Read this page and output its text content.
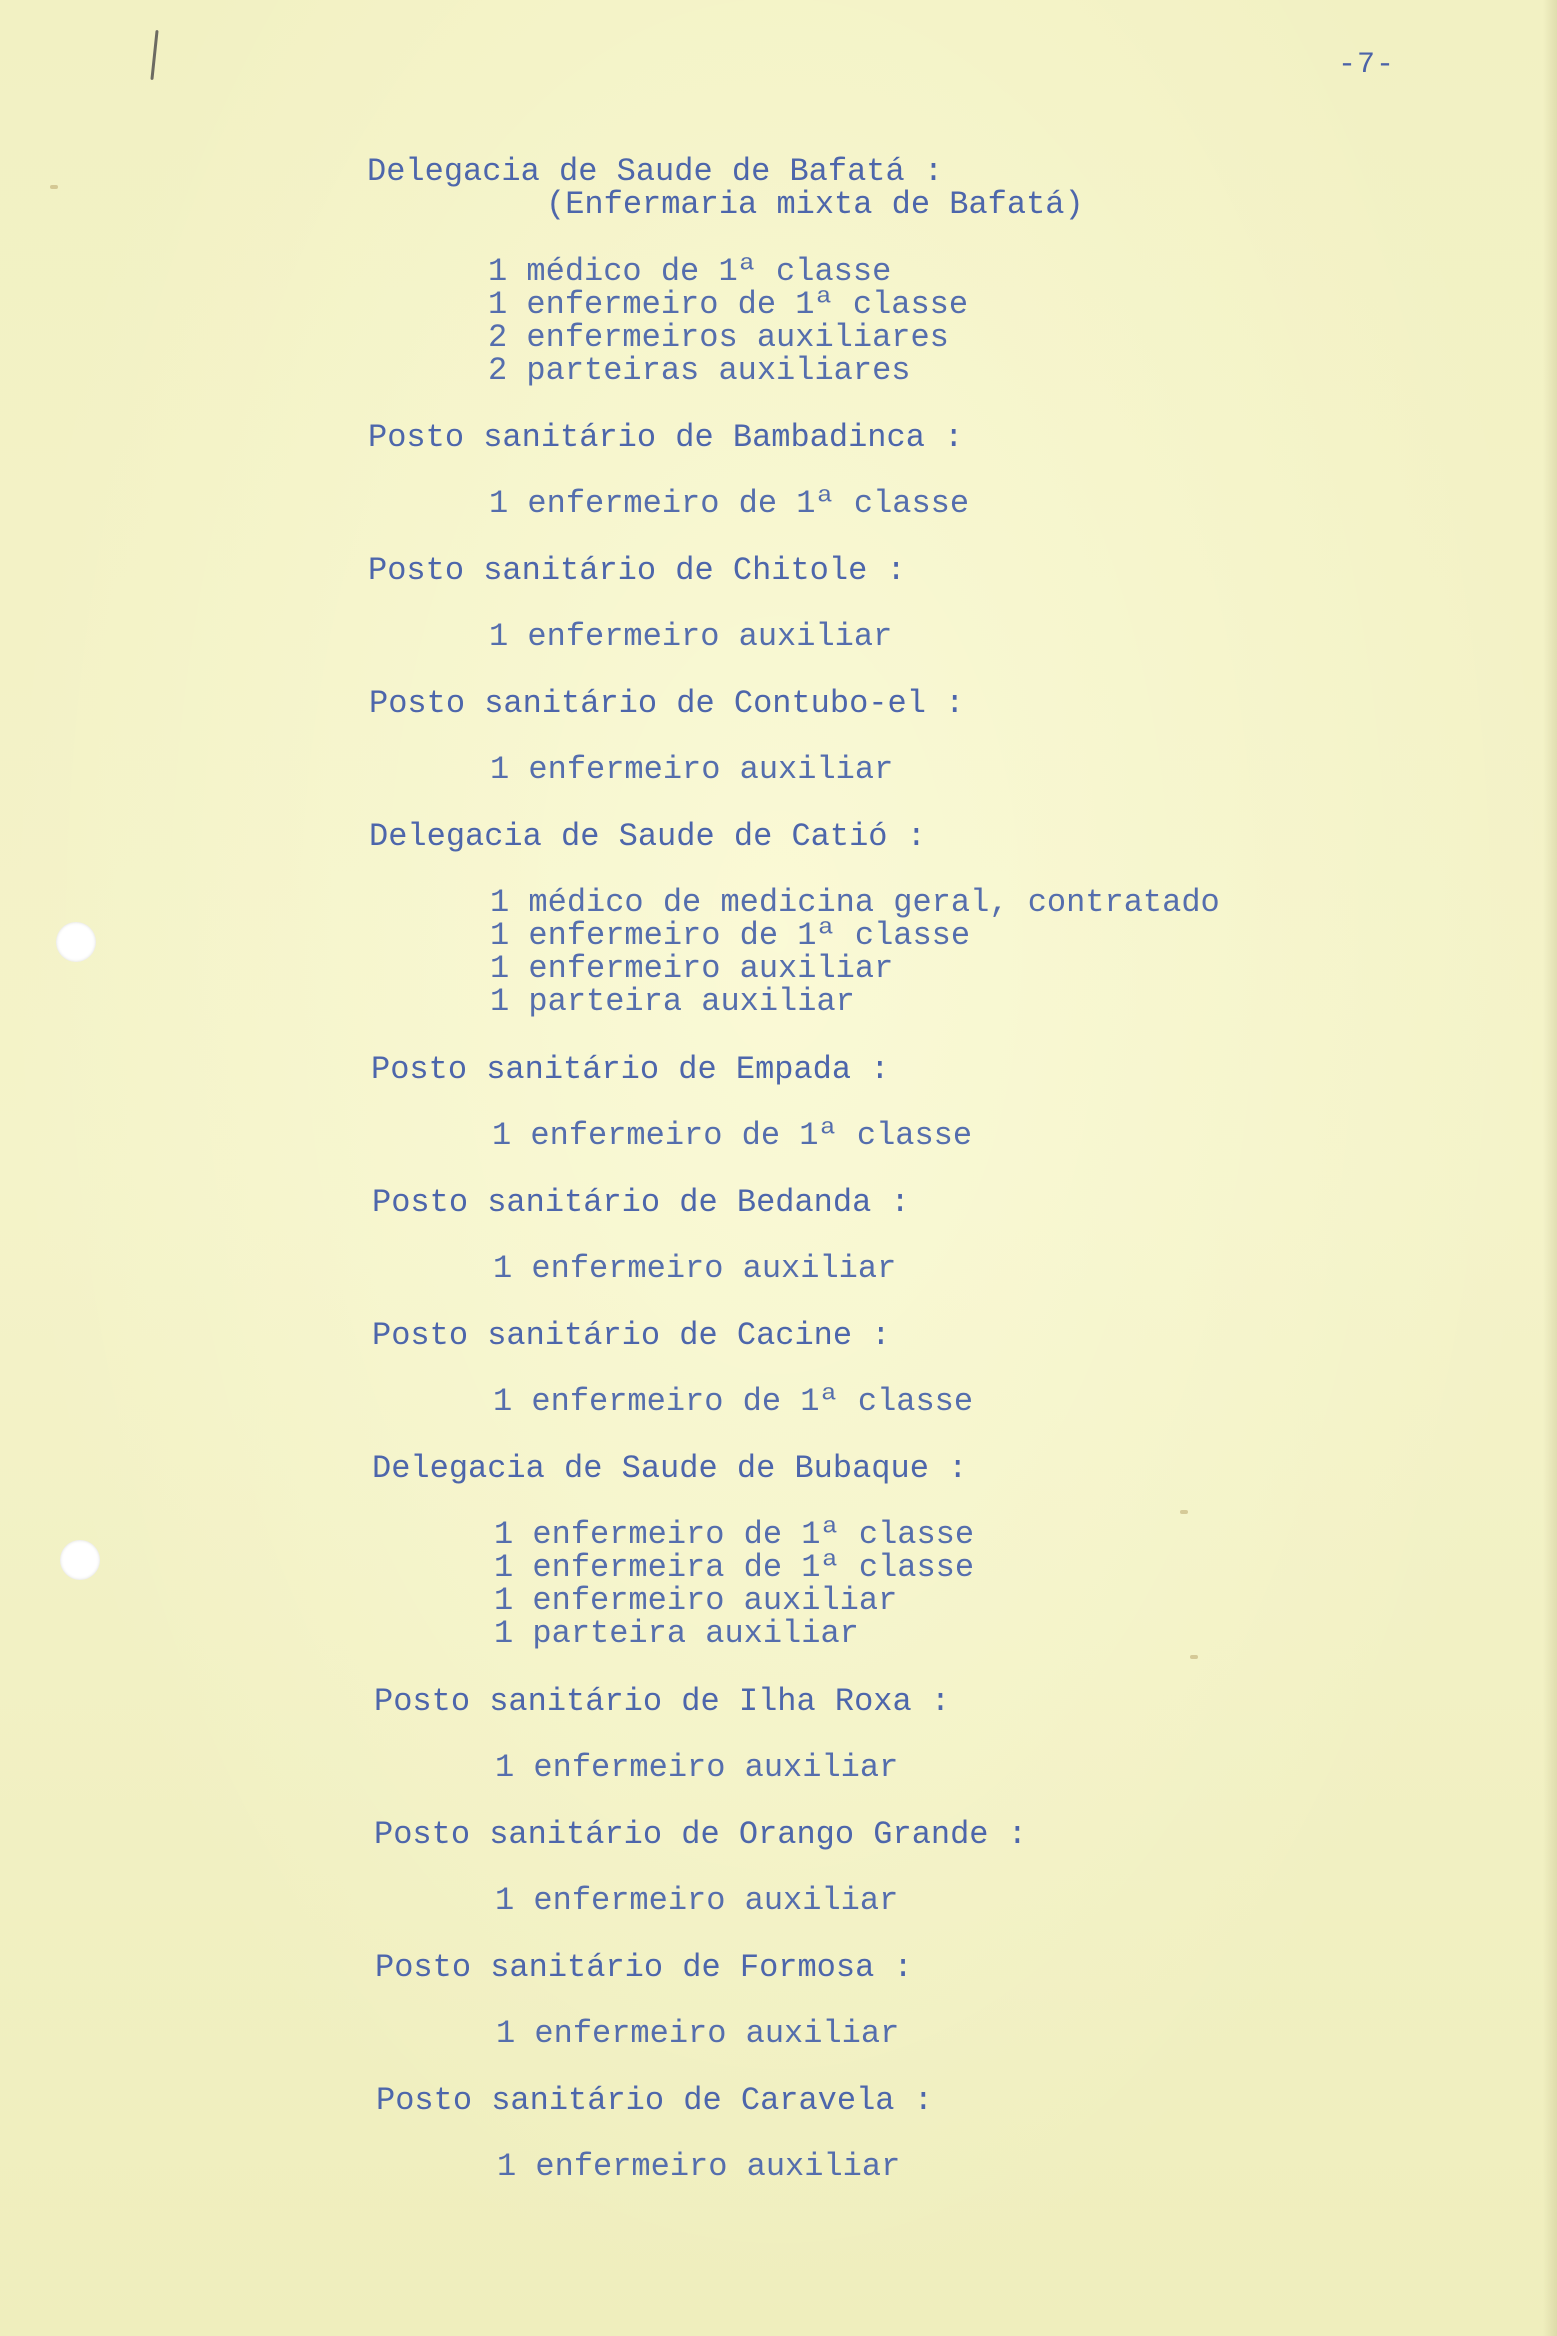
-7-
Delegacia de Saude de Bafatá :
(Enfermaria mixta de Bafatá)
1 médico de 1ª classe
1 enfermeiro de 1ª classe
2 enfermeiros auxiliares
2 parteiras auxiliares
Posto sanitário de Bambadinca :
1 enfermeiro de 1ª classe
Posto sanitário de Chitole :
1 enfermeiro auxiliar
Posto sanitário de Contubo-el :
1 enfermeiro auxiliar
Delegacia de Saude de Catió :
1 médico de medicina geral, contratado
1 enfermeiro de 1ª classe
1 enfermeiro auxiliar
1 parteira auxiliar
Posto sanitário de Empada :
1 enfermeiro de 1ª classe
Posto sanitário de Bedanda :
1 enfermeiro auxiliar
Posto sanitário de Cacine :
1 enfermeiro de 1ª classe
Delegacia de Saude de Bubaque :
1 enfermeiro de 1ª classe
1 enfermeira de 1ª classe
1 enfermeiro auxiliar
1 parteira auxiliar
Posto sanitário de Ilha Roxa :
1 enfermeiro auxiliar
Posto sanitário de Orango Grande :
1 enfermeiro auxiliar
Posto sanitário de Formosa :
1 enfermeiro auxiliar
Posto sanitário de Caravela :
1 enfermeiro auxiliar
